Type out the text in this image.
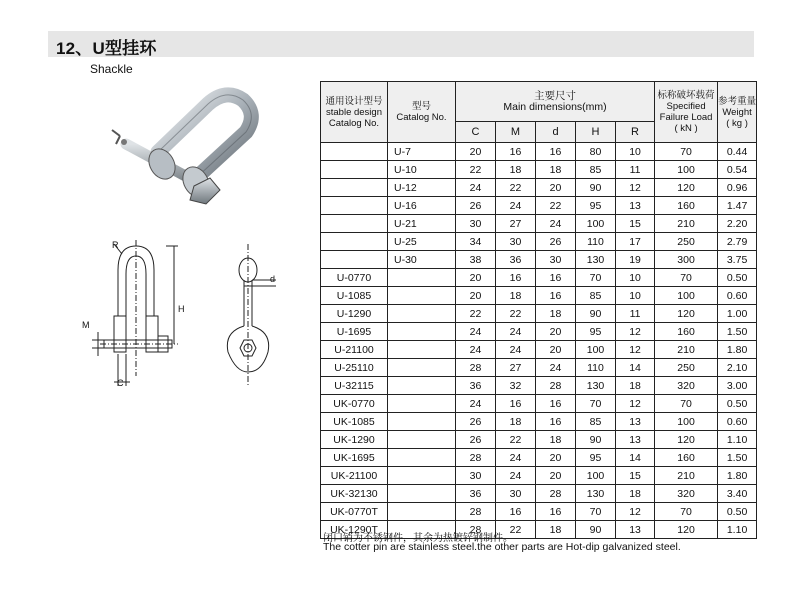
12、U型挂环
Shackle
R
H
M
C
d
通用设计型号
stable design Catalog No.	型号
Catalog No.	主要尺寸
Main dimensions(mm)					标称破坏载荷
Specified Failure Load
( kN )	参考重量
Weight
( kg )
		C	M	d	H	R		
	U-7	20	16	16	80	10	70	0.44
	U-10	22	18	18	85	11	100	0.54
	U-12	24	22	20	90	12	120	0.96
	U-16	26	24	22	95	13	160	1.47
	U-21	30	27	24	100	15	210	2.20
	U-25	34	30	26	110	17	250	2.79
	U-30	38	36	30	130	19	300	3.75
U-0770		20	16	16	70	10	70	0.50
U-1085		20	18	16	85	10	100	0.60
U-1290		22	22	18	90	11	120	1.00
U-1695		24	24	20	95	12	160	1.50
U-21100		24	24	20	100	12	210	1.80
U-25110		28	27	24	110	14	250	2.10
U-32115		36	32	28	130	18	320	3.00
UK-0770		24	16	16	70	12	70	0.50
UK-1085		26	18	16	85	13	100	0.60
UK-1290		26	22	18	90	13	120	1.10
UK-1695		28	24	20	95	14	160	1.50
UK-21100		30	24	20	100	15	210	1.80
UK-32130		36	30	28	130	18	320	3.40
UK-0770T		28	16	16	70	12	70	0.50
UK-1290T		28	22	18	90	13	120	1.10
闭口销为不锈钢件，其余为热镀锌钢制件。
The cotter pin are stainless steel.the other parts are Hot-dip galvanized steel.
